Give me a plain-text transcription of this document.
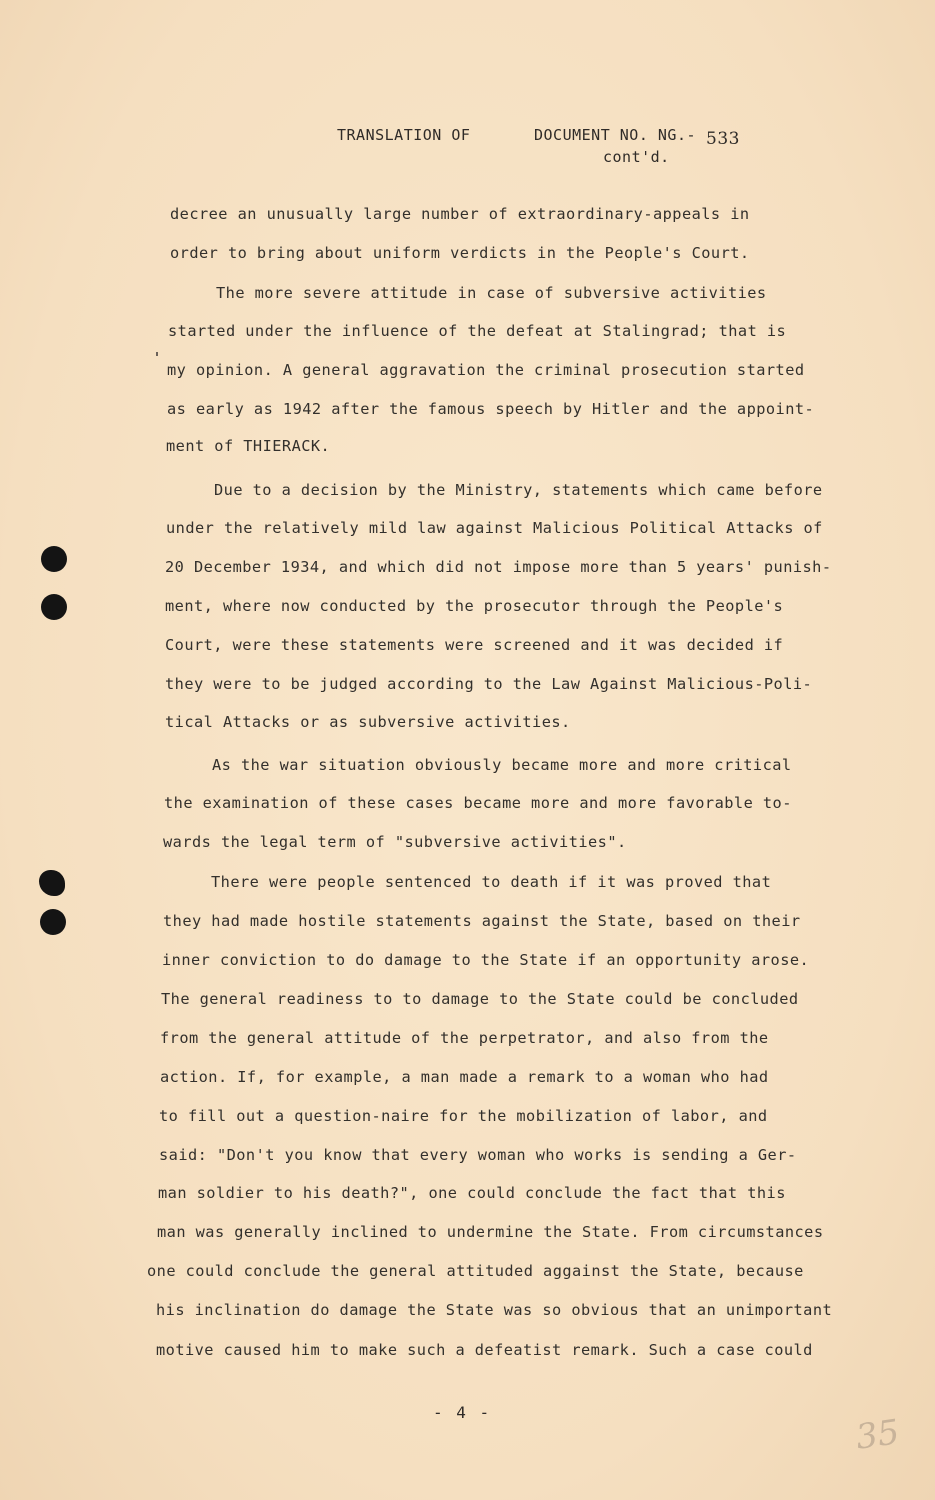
TRANSLATION OF	DOCUMENT NO. NG.- 533
cont'd.
decree an unusually large number of extraordinary-appeals in
order to bring about uniform verdicts in the People's Court.
The more severe attitude in case of subversive activities
started under the influence of the defeat at Stalingrad; that is
my opinion. A general aggravation the criminal prosecution started
as early as 1942 after the famous speech by Hitler and the appoint-
ment of THIERACK.
Due to a decision by the Ministry, statements which came before
under the relatively mild law against Malicious Political Attacks of
20 December 1934, and which did not impose more than 5 years' punish-
ment, where now conducted by the prosecutor through the People's
Court, were these statements were screened and it was decided if
they were to be judged according to the Law Against Malicious-Poli-
tical Attacks or as subversive activities.
As the war situation obviously became more and more critical
the examination of these cases became more and more favorable to-
wards the legal term of "subversive activities".
There were people sentenced to death if it was proved that
they had made hostile statements against the State, based on their
inner conviction to do damage to the State if an opportunity arose.
The general readiness to to damage to the State could be concluded
from the general attitude of the perpetrator, and also from the
action. If, for example, a man made a remark to a woman who had
to fill out a question-naire for the mobilization of labor, and
said: "Don't you know that every woman who works is sending a Ger-
man soldier to his death?", one could conclude the fact that this
man was generally inclined to undermine the State. From circumstances
one could conclude the general attituded aggainst the State, because
his inclination do damage the State was so obvious that an unimportant
motive caused him to make such a defeatist remark. Such a case could
- 4 -	35
